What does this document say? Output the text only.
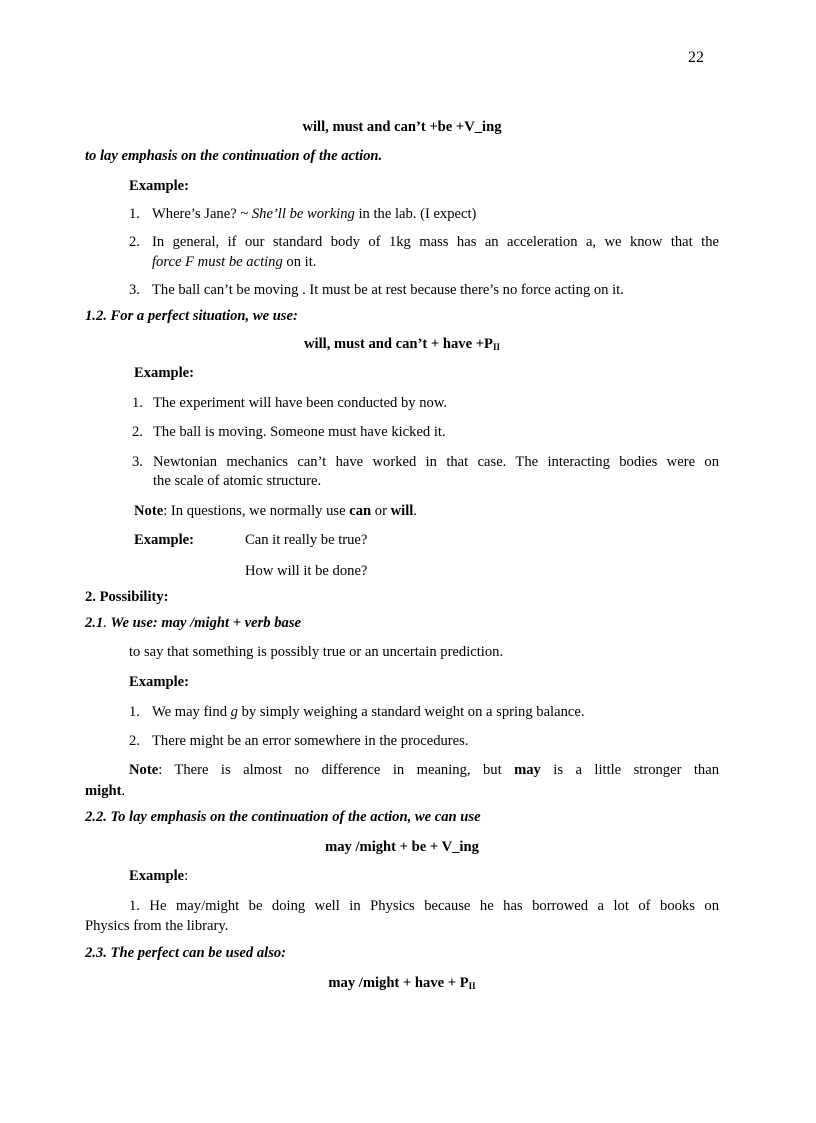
22
will, must and can’t +be +V_ing
to lay emphasis on the continuation of the action.
Example:
1. Where’s Jane? ~ She’ll be working in the lab. (I expect)
2. In general, if our standard body of 1kg mass has an acceleration a, we know that the
force F must be acting on it.
3. The ball can’t be moving . It must be at rest because there’s no force acting on it.
1.2. For a perfect situation, we use:
will, must and can’t + have $+P_{II}$
Example:
1. The experiment will have been conducted by now.
2. The ball is moving. Someone must have kicked it.
3. Newtonian mechanics can’t have worked in that case. The interacting bodies were on
the scale of atomic structure.
Note: In questions, we normally use can or will.
Example:	Can it really be true?
How will it be done?
2. Possibility:
2.1. We use: may /might + verb base
to say that something is possibly true or an uncertain prediction.
Example:
1. We may find g by simply weighing a standard weight on a spring balance.
2. There might be an error somewhere in the procedures.
Note: There is almost no difference in meaning, but may is a little stronger than
might.
2.2. To lay emphasis on the continuation of the action, we can use
may /might + be + V_ing
Example:
1. He may/might be doing well in Physics because he has borrowed a lot of books on
Physics from the library.
2.3. The perfect can be used also:
may /might + have + $P_{II}$
